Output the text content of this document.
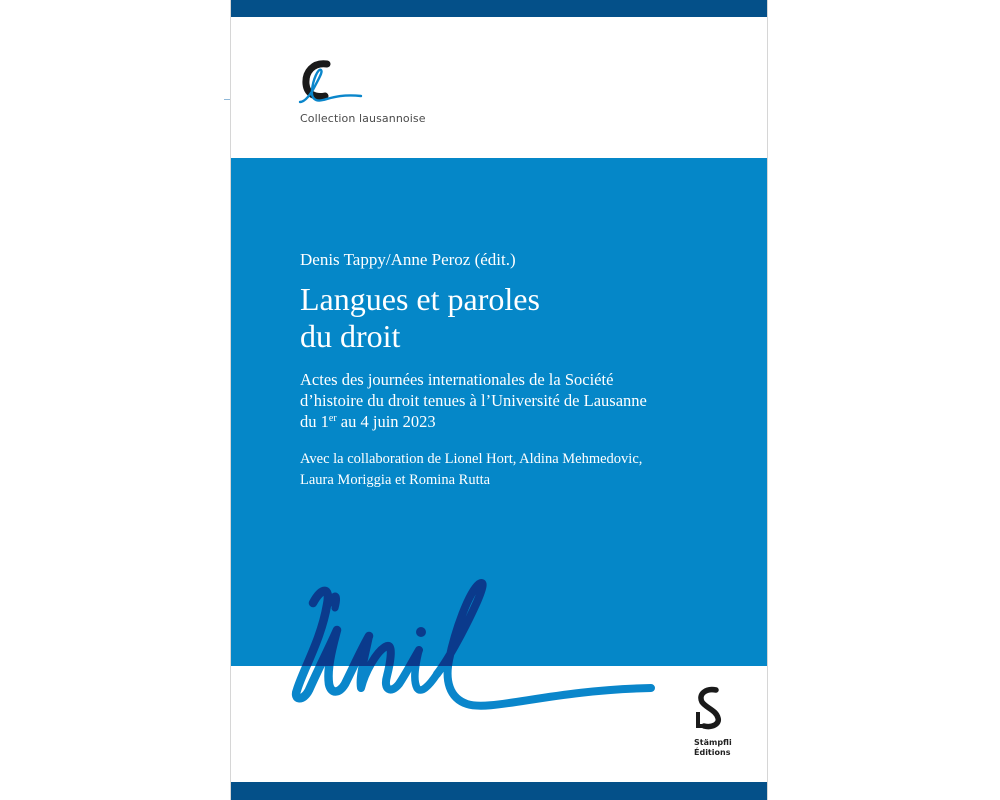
Collection lausannoise

Denis Tappy/Anne Peroz (édit.)

Langues et paroles
du droit

Actes des journées internationales de la Société
d’histoire du droit tenues à l’Université de Lausanne
du 1er au 4 juin 2023

Avec la collaboration de Lionel Hort, Aldina Mehmedovic,
Laura Moriggia et Romina Rutta

Stämpfli
Éditions
